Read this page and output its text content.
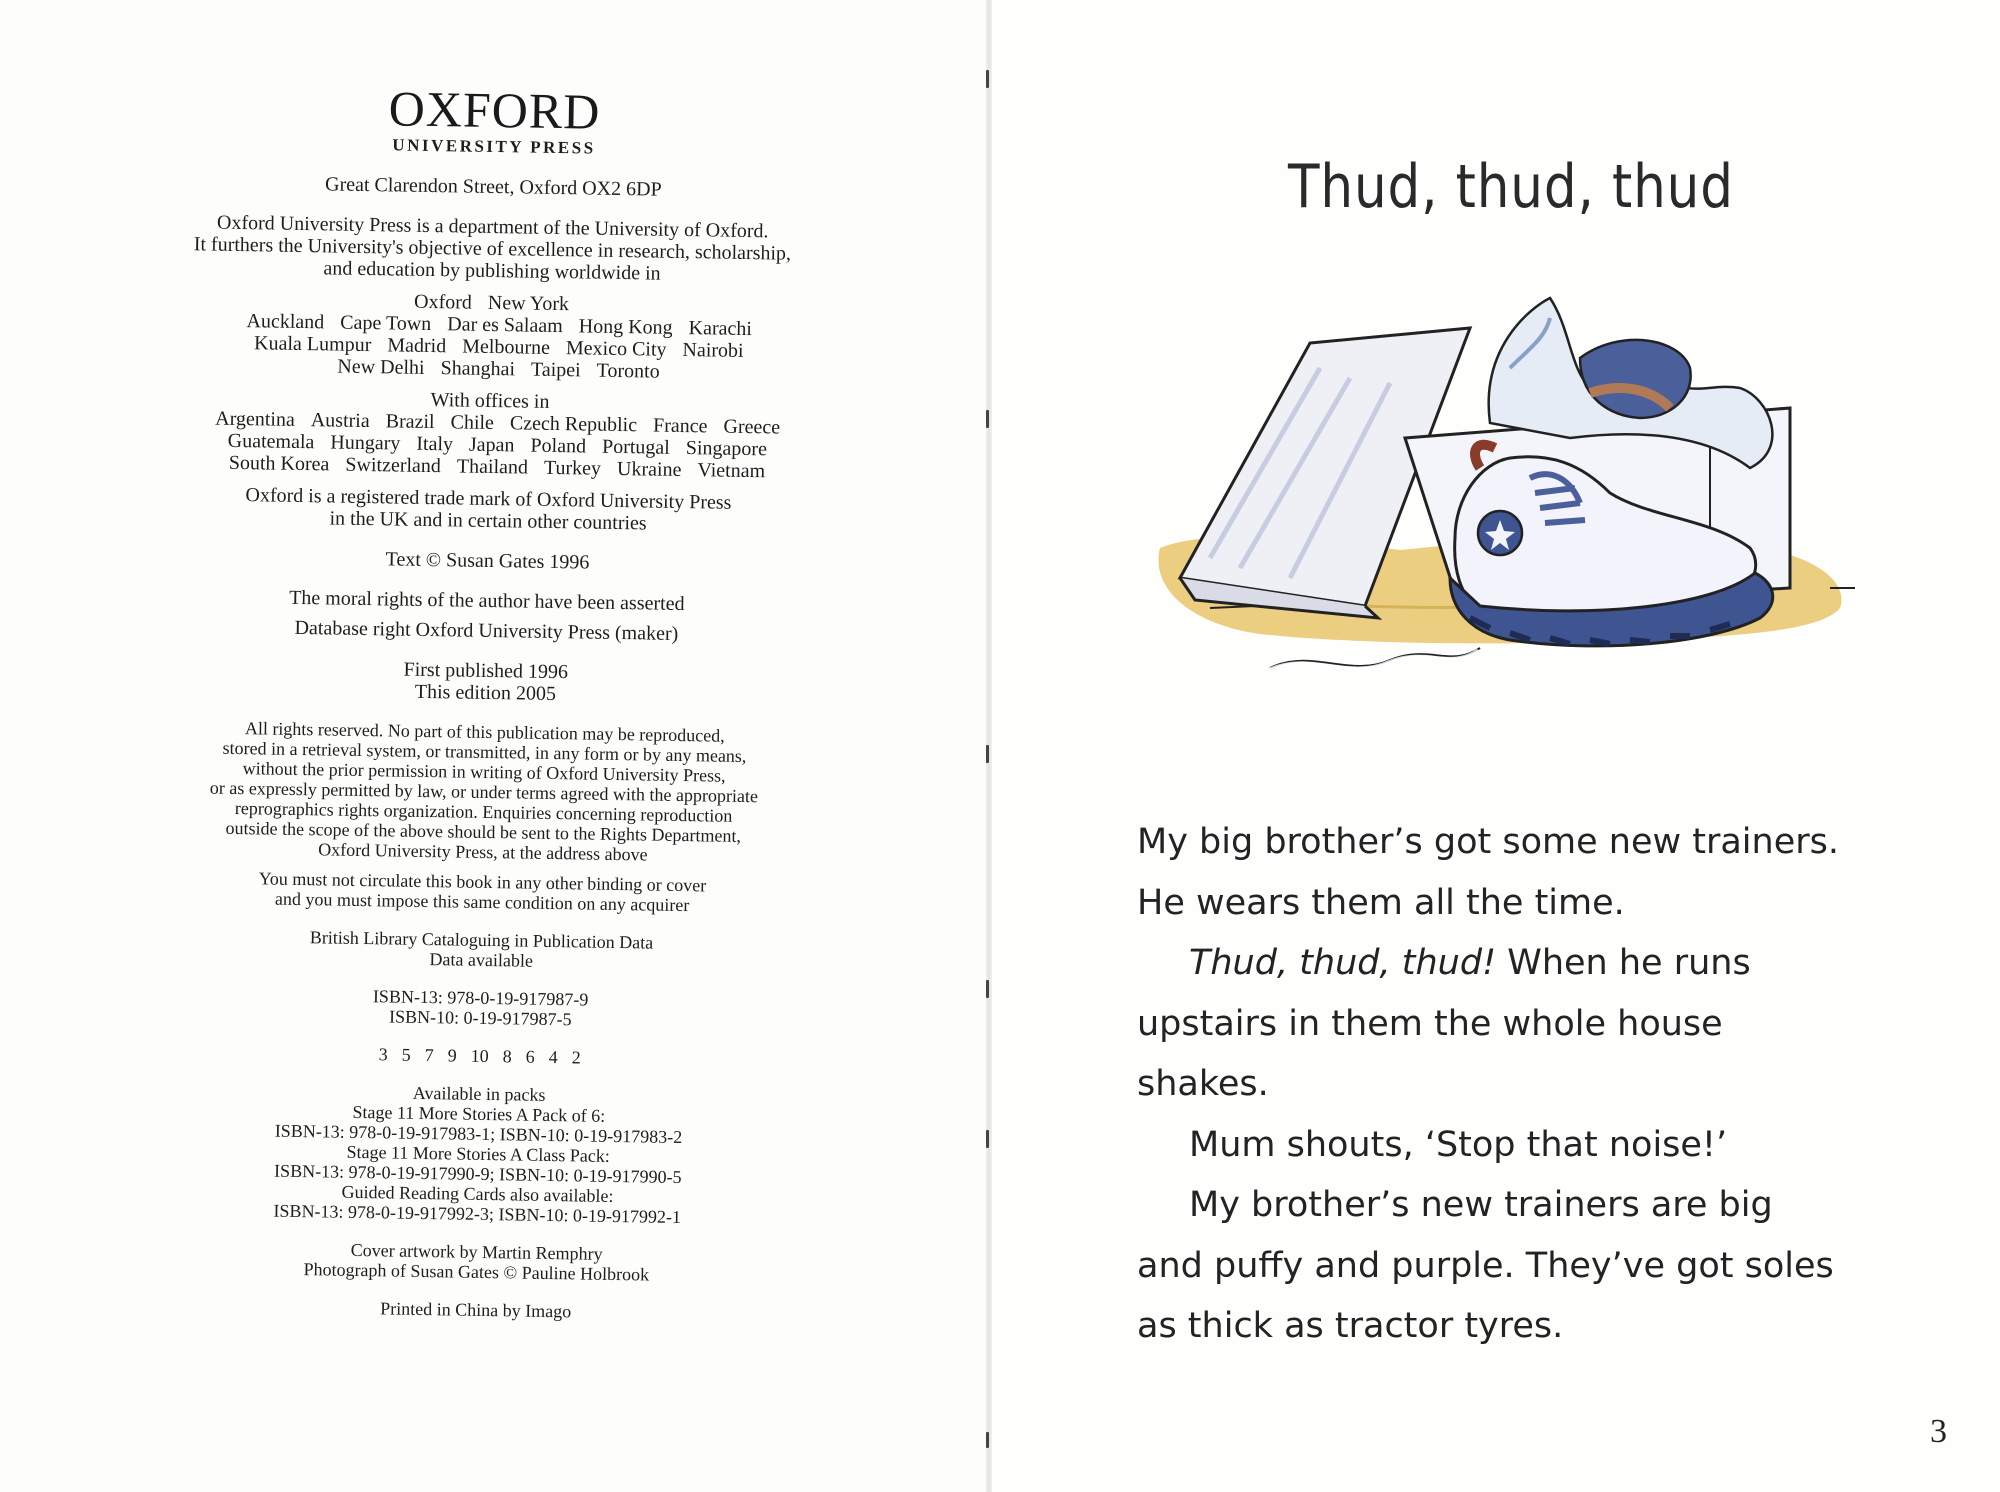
OXFORD
UNIVERSITY PRESS
Great Clarendon Street, Oxford OX2 6DP
Oxford University Press is a department of the University of Oxford.
It furthers the University's objective of excellence in research, scholarship,
and education by publishing worldwide in
Oxford New York
Auckland Cape Town Dar es Salaam Hong Kong Karachi
Kuala Lumpur Madrid Melbourne Mexico City Nairobi
New Delhi Shanghai Taipei Toronto
With offices in
Argentina Austria Brazil Chile Czech Republic France Greece
Guatemala Hungary Italy Japan Poland Portugal Singapore
South Korea Switzerland Thailand Turkey Ukraine Vietnam
Oxford is a registered trade mark of Oxford University Press
in the UK and in certain other countries
Text © Susan Gates 1996
The moral rights of the author have been asserted
Database right Oxford University Press (maker)
First published 1996
This edition 2005
All rights reserved. No part of this publication may be reproduced,
stored in a retrieval system, or transmitted, in any form or by any means,
without the prior permission in writing of Oxford University Press,
or as expressly permitted by law, or under terms agreed with the appropriate
reprographics rights organization. Enquiries concerning reproduction
outside the scope of the above should be sent to the Rights Department,
Oxford University Press, at the address above
You must not circulate this book in any other binding or cover
and you must impose this same condition on any acquirer
British Library Cataloguing in Publication Data
Data available
ISBN-13: 978-0-19-917987-9
ISBN-10: 0-19-917987-5
3 5 7 9 10 8 6 4 2
Available in packs
Stage 11 More Stories A Pack of 6:
ISBN-13: 978-0-19-917983-1; ISBN-10: 0-19-917983-2
Stage 11 More Stories A Class Pack:
ISBN-13: 978-0-19-917990-9; ISBN-10: 0-19-917990-5
Guided Reading Cards also available:
ISBN-13: 978-0-19-917992-3; ISBN-10: 0-19-917992-1
Cover artwork by Martin Remphry
Photograph of Susan Gates © Pauline Holbrook
Printed in China by Imago
Thud, thud, thud

My big brother’s got some new trainers.
He wears them all the time.

Thud, thud, thud! When he runs
upstairs in them the whole house
shakes.

Mum shouts, ‘Stop that noise!’

My brother’s new trainers are big
and puffy and purple. They’ve got soles
as thick as tractor tyres.

3
